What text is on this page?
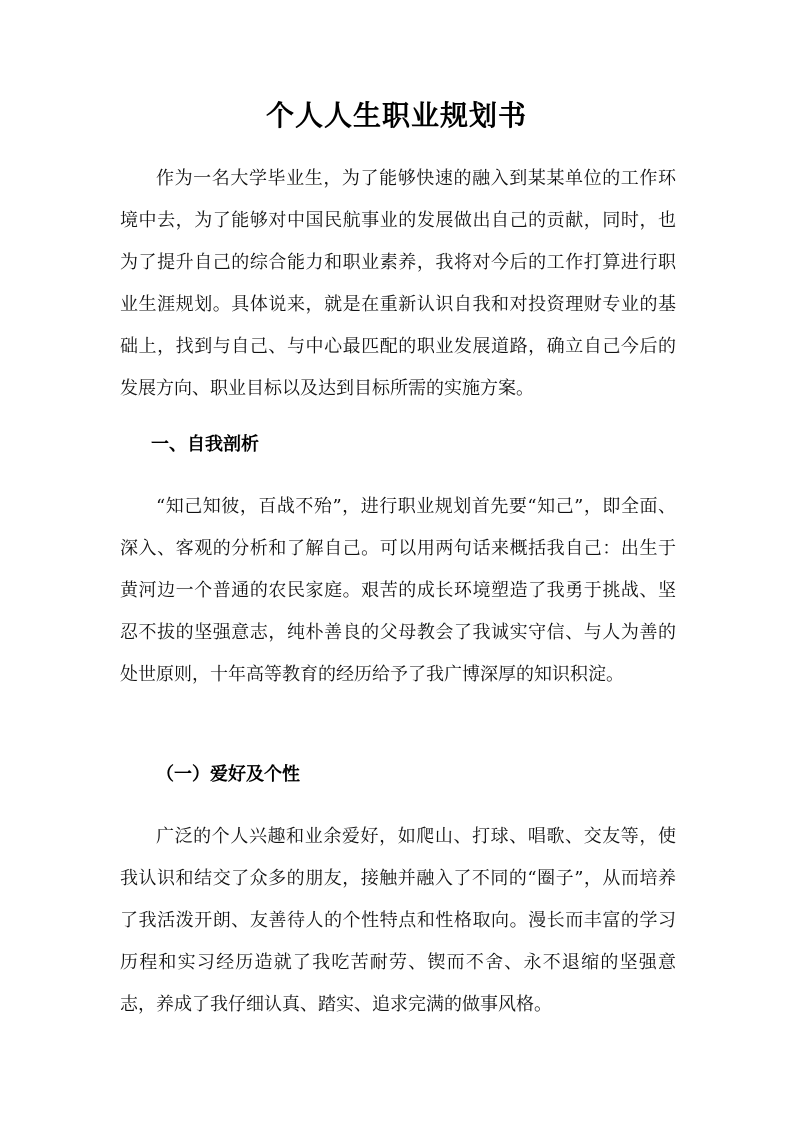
个人人生职业规划书

作为一名大学毕业生，为了能够快速的融入到某某单位的工作环境中去，为了能够对中国民航事业的发展做出自己的贡献，同时，也为了提升自己的综合能力和职业素养，我将对今后的工作打算进行职业生涯规划。具体说来，就是在重新认识自我和对投资理财专业的基础上，找到与自己、与中心最匹配的职业发展道路，确立自己今后的发展方向、职业目标以及达到目标所需的实施方案。

一、自我剖析

“知己知彼，百战不殆”，进行职业规划首先要“知己”，即全面、深入、客观的分析和了解自己。可以用两句话来概括我自己：出生于黄河边一个普通的农民家庭。艰苦的成长环境塑造了我勇于挑战、坚忍不拔的坚强意志，纯朴善良的父母教会了我诚实守信、与人为善的处世原则，十年高等教育的经历给予了我广博深厚的知识积淀。

（一）爱好及个性

广泛的个人兴趣和业余爱好，如爬山、打球、唱歌、交友等，使我认识和结交了众多的朋友，接触并融入了不同的“圈子”，从而培养了我活泼开朗、友善待人的个性特点和性格取向。漫长而丰富的学习历程和实习经历造就了我吃苦耐劳、锲而不舍、永不退缩的坚强意志，养成了我仔细认真、踏实、追求完满的做事风格。
